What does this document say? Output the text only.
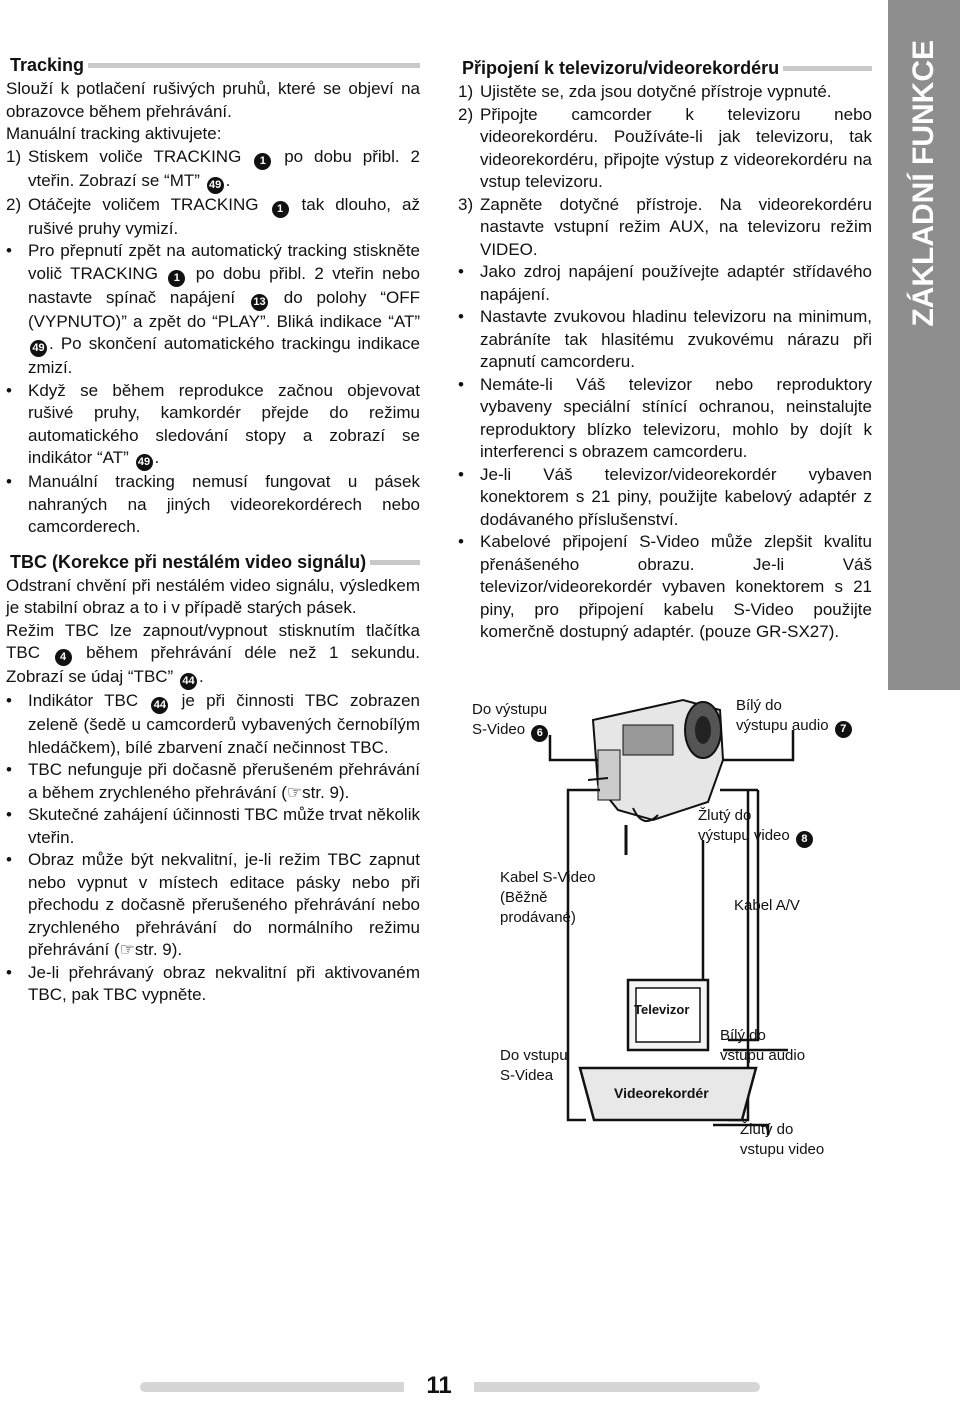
ZÁKLADNÍ FUNKCE
Tracking

Slouží k potlačení rušivých pruhů, které se objeví na obrazovce během přehrávání.

Manuální tracking aktivujete:

1) Stiskem voliče TRACKING 1 po dobu přibl. 2 vteřin. Zobrazí se “MT” 49 .
2) Otáčejte voličem TRACKING 1 tak dlouho, až rušivé pruhy vymizí.
• Pro přepnutí zpět na automatický tracking stiskněte volič TRACKING 1 po dobu přibl. 2 vteřin nebo nastavte spínač napájení 13 do polohy “OFF (VYPNUTO)” a zpět do “PLAY”. Bliká indikace “AT” 49 . Po skončení automatického trackingu indikace zmizí.
• Když se během reprodukce začnou objevovat rušivé pruhy, kamkordér přejde do režimu automatického sledování stopy a zobrazí se indikátor “AT” 49 .
• Manuální tracking nemusí fungovat u pásek nahraných na jiných videorekordérech nebo camcorderech.
TBC (Korekce při nestálém video signálu)

Odstraní chvění při nestálém video signálu, výsledkem je stabilní obraz a to i v případě starých pásek.

Režim TBC lze zapnout/vypnout stisknutím tlačítka TBC 4 během přehrávání déle než 1 sekundu. Zobrazí se údaj “TBC” 44 .

• Indikátor TBC 44 je při činnosti TBC zobrazen zeleně (šedě u camcorderů vybavených černobílým hledáčkem), bílé zbarvení značí nečinnost TBC.
• TBC nefunguje při dočasně přerušeném přehrávání a během zrychleného přehrávání (☞str. 9).
• Skutečné zahájení účinnosti TBC může trvat několik vteřin.
• Obraz může být nekvalitní, je-li režim TBC zapnut nebo vypnut v místech editace pásky nebo při přechodu z dočasně přerušeného přehrávání nebo zrychleného přehrávání do normálního režimu přehrávání (☞str. 9).
• Je-li přehrávaný obraz nekvalitní při aktivovaném TBC, pak TBC vypněte.
Připojení k televizoru/videorekordéru
1) Ujistěte se, zda jsou dotyčné přístroje vypnuté.
2) Připojte camcorder k televizoru nebo videorekordéru. Používáte-li jak televizoru, tak videorekordéru, připojte výstup z videorekordéru na vstup televizoru.
3) Zapněte dotyčné přístroje. Na videorekordéru nastavte vstupní režim AUX, na televizoru režim VIDEO.
• Jako zdroj napájení používejte adaptér střídavého napájení.
• Nastavte zvukovou hladinu televizoru na minimum, zabráníte tak hlasitému zvukovému nárazu při zapnutí camcorderu.
• Nemáte-li Váš televizor nebo reproduktory vybaveny speciální stínící ochranou, neinstalujte reproduktory blízko televizoru, mohlo by dojít k interferenci s obrazem camcorderu.
• Je-li Váš televizor/videorekordér vybaven konektorem s 21 piny, použijte kabelový adaptér z dodávaného příslušenství.
• Kabelové připojení S-Video může zlepšit kvalitu přenášeného obrazu. Je-li Váš televizor/videorekordér vybaven konektorem s 21 piny, pro připojení kabelu S-Video použijte komerčně dostupný adaptér. (pouze GR-SX27).
Do výstupu
S-Video 6
Bílý do
výstupu audio 7
Žlutý do
výstupu video 8
Kabel S-Video
(Běžně
prodávané)
Kabel A/V
Televizor
Videorekordér
Do vstupu
S-Videa
Bílý do
vstupu audio
Žlutý do
vstupu video
11
